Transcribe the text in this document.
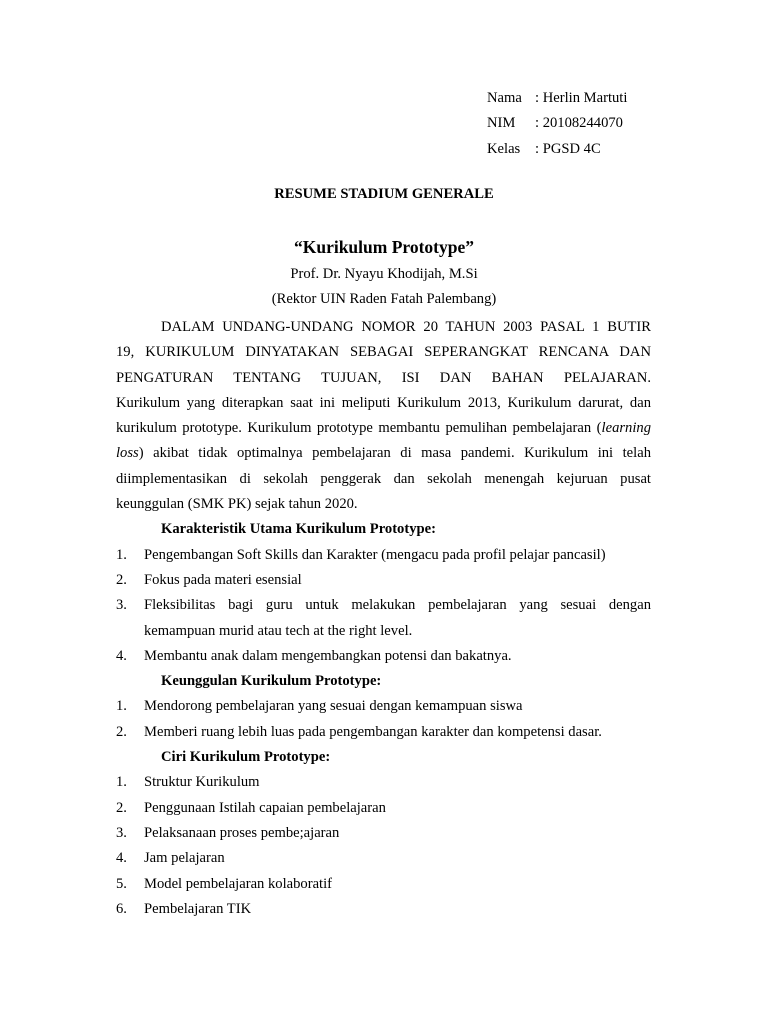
Nama : Herlin Martuti
NIM : 20108244070
Kelas : PGSD 4C
RESUME STADIUM GENERALE
“Kurikulum Prototype”
Prof. Dr. Nyayu Khodijah, M.Si
(Rektor UIN Raden Fatah Palembang)

DALAM UNDANG-UNDANG NOMOR 20 TAHUN 2003 PASAL 1 BUTIR
19, KURIKULUM DINYATAKAN SEBAGAI SEPERANGKAT RENCANA DAN
PENGATURAN TENTANG TUJUAN, ISI DAN BAHAN PELAJARAN.
Kurikulum yang diterapkan saat ini meliputi Kurikulum 2013, Kurikulum darurat, dan kurikulum prototype. Kurikulum prototype membantu pemulihan pembelajaran (learning loss) akibat tidak optimalnya pembelajaran di masa pandemi. Kurikulum ini telah diimplementasikan di sekolah penggerak dan sekolah menengah kejuruan pusat keunggulan (SMK PK) sejak tahun 2020.

Karakteristik Utama Kurikulum Prototype:

1. Pengembangan Soft Skills dan Karakter (mengacu pada profil pelajar pancasil)
2. Fokus pada materi esensial
3. Fleksibilitas bagi guru untuk melakukan pembelajaran yang sesuai dengan kemampuan murid atau tech at the right level.
4. Membantu anak dalam mengembangkan potensi dan bakatnya.

Keunggulan Kurikulum Prototype:

1. Mendorong pembelajaran yang sesuai dengan kemampuan siswa
2. Memberi ruang lebih luas pada pengembangan karakter dan kompetensi dasar.

Ciri Kurikulum Prototype:

1. Struktur Kurikulum
2. Penggunaan Istilah capaian pembelajaran
3. Pelaksanaan proses pembe;ajaran
4. Jam pelajaran
5. Model pembelajaran kolaboratif
6. Pembelajaran TIK
